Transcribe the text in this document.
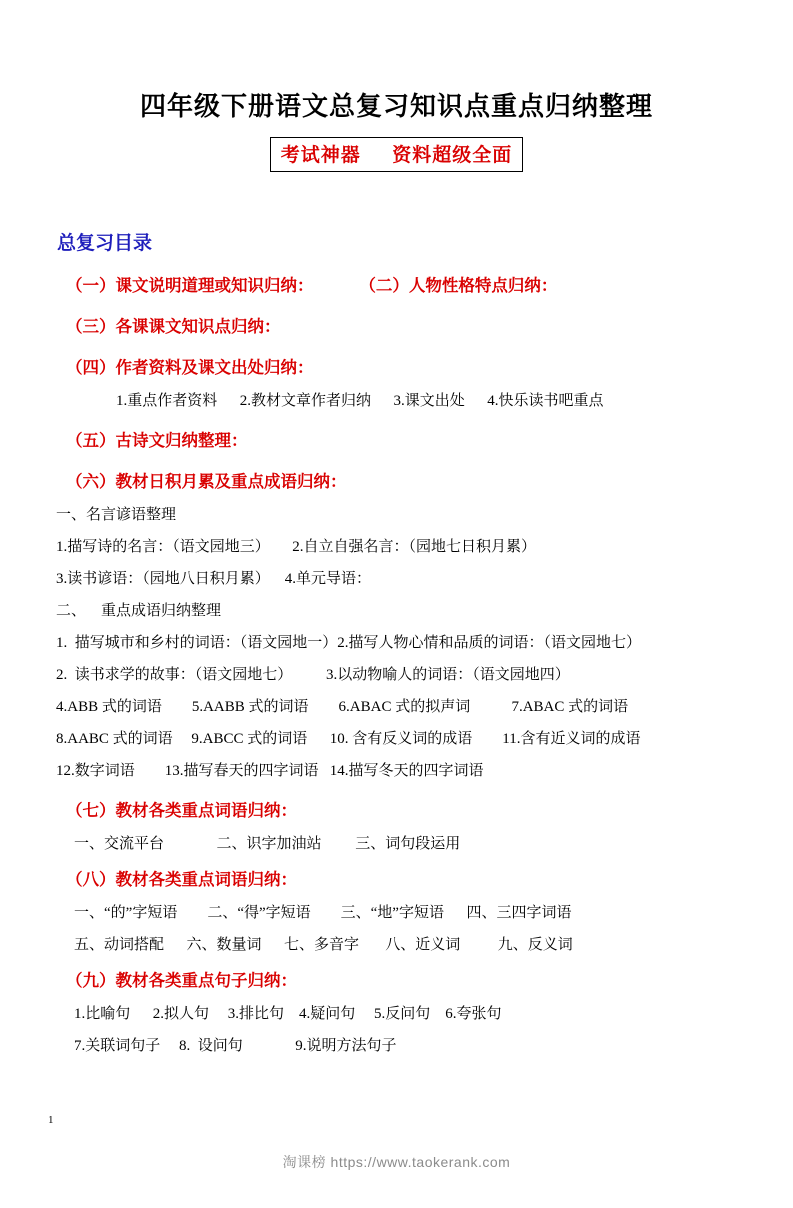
四年级下册语文总复习知识点重点归纳整理
考试神器     资料超级全面
总复习目录
（一）课文说明道理或知识归纳：          （二）人物性格特点归纳：
（三）各课课文知识点归纳：
（四）作者资料及课文出处归纳：
1.重点作者资料      2.教材文章作者归纳      3.课文出处      4.快乐读书吧重点
（五）古诗文归纳整理：
（六）教材日积月累及重点成语归纳：
一、名言谚语整理
1.描写诗的名言：（语文园地三）      2.自立自强名言：（园地七日积月累）
3.读书谚语：（园地八日积月累）    4.单元导语：
二、    重点成语归纳整理
1.  描写城市和乡村的词语：（语文园地一）2.描写人物心情和品质的词语：（语文园地七）
2.  读书求学的故事：（语文园地七）         3.以动物喻人的词语：（语文园地四）
4.ABB 式的词语        5.AABB 式的词语        6.ABAC 式的拟声词           7.ABAC 式的词语
8.AABC 式的词语     9.ABCC 式的词语      10. 含有反义词的成语        11.含有近义词的成语
12.数字词语        13.描写春天的四字词语   14.描写冬天的四字词语
（七）教材各类重点词语归纳：
一、交流平台              二、识字加油站         三、词句段运用
（八）教材各类重点词语归纳：
一、“的”字短语        二、“得”字短语        三、“地”字短语      四、三四字词语
五、动词搭配      六、数量词      七、多音字       八、近义词          九、反义词
（九）教材各类重点句子归纳：
1.比喻句      2.拟人句     3.排比句    4.疑问句     5.反问句    6.夸张句
7.关联词句子     8.  设问句              9.说明方法句子
1
淘课榜 https://www.taokerank.com
